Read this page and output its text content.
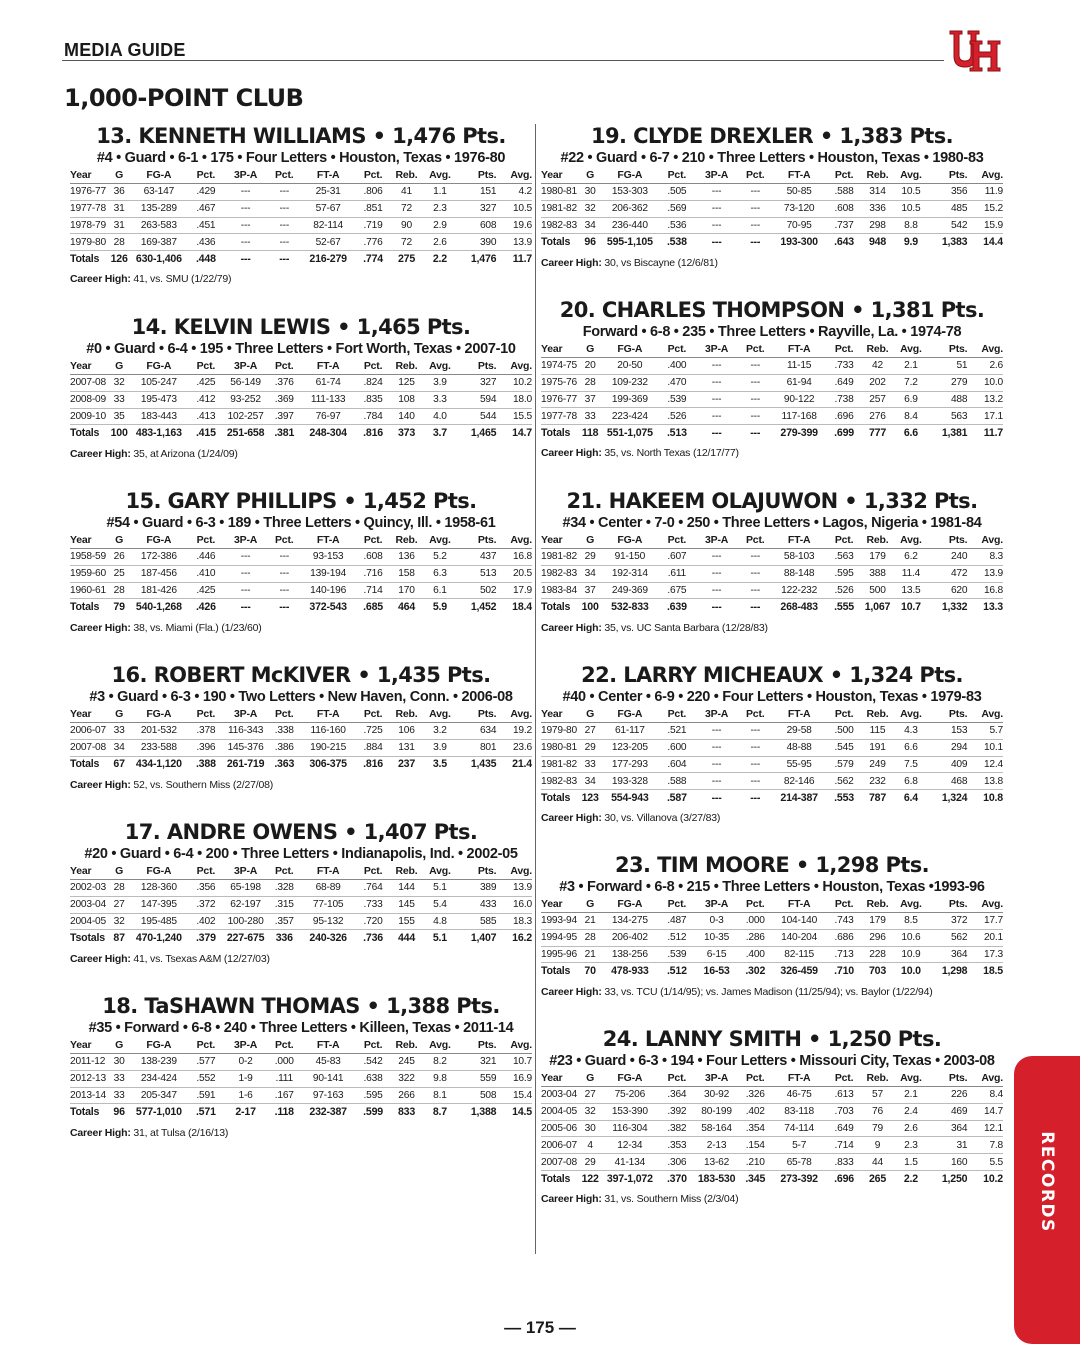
MEDIA GUIDE
1,000-POINT CLUB
13. KENNETH WILLIAMS • 1,476 Pts.
#4 • Guard • 6-1 • 175 • Four Letters • Houston, Texas • 1976-80
Year	G	FG-A	Pct.	3P-A	Pct.	FT-A	Pct.	Reb.	Avg.	Pts.	Avg.
1976-77	36	63-147	.429	---	---	25-31	.806	41	1.1	151	4.2
1977-78	31	135-289	.467	---	---	57-67	.851	72	2.3	327	10.5
1978-79	31	263-583	.451	---	---	82-114	.719	90	2.9	608	19.6
1979-80	28	169-387	.436	---	---	52-67	.776	72	2.6	390	13.9
Totals	126	630-1,406	.448	---	---	216-279	.774	275	2.2	1,476	11.7
Career High: 41, vs. SMU (1/22/79)
14. KELVIN LEWIS • 1,465 Pts.
#0 • Guard • 6-4 • 195 • Three Letters • Fort Worth, Texas • 2007-10
Year	G	FG-A	Pct.	3P-A	Pct.	FT-A	Pct.	Reb.	Avg.	Pts.	Avg.
2007-08	32	105-247	.425	56-149	.376	61-74	.824	125	3.9	327	10.2
2008-09	33	195-473	.412	93-252	.369	111-133	.835	108	3.3	594	18.0
2009-10	35	183-443	.413	102-257	.397	76-97	.784	140	4.0	544	15.5
Totals	100	483-1,163	.415	251-658	.381	248-304	.816	373	3.7	1,465	14.7
Career High: 35, at Arizona (1/24/09)
15. GARY PHILLIPS • 1,452 Pts.
#54 • Guard • 6-3 • 189 • Three Letters • Quincy, Ill. • 1958-61
Year	G	FG-A	Pct.	3P-A	Pct.	FT-A	Pct.	Reb.	Avg.	Pts.	Avg.
1958-59	26	172-386	.446	---	---	93-153	.608	136	5.2	437	16.8
1959-60	25	187-456	.410	---	---	139-194	.716	158	6.3	513	20.5
1960-61	28	181-426	.425	---	---	140-196	.714	170	6.1	502	17.9
Totals	79	540-1,268	.426	---	---	372-543	.685	464	5.9	1,452	18.4
Career High: 38, vs. Miami (Fla.) (1/23/60)
16. ROBERT McKIVER • 1,435 Pts.
#3 • Guard • 6-3 • 190 • Two Letters • New Haven, Conn. • 2006-08
Year	G	FG-A	Pct.	3P-A	Pct.	FT-A	Pct.	Reb.	Avg.	Pts.	Avg.
2006-07	33	201-532	.378	116-343	.338	116-160	.725	106	3.2	634	19.2
2007-08	34	233-588	.396	145-376	.386	190-215	.884	131	3.9	801	23.6
Totals	67	434-1,120	.388	261-719	.363	306-375	.816	237	3.5	1,435	21.4
Career High: 52, vs. Southern Miss (2/27/08)
17. ANDRE OWENS • 1,407 Pts.
#20 • Guard • 6-4 • 200 • Three Letters • Indianapolis, Ind. • 2002-05
Year	G	FG-A	Pct.	3P-A	Pct.	FT-A	Pct.	Reb.	Avg.	Pts.	Avg.
2002-03	28	128-360	.356	65-198	.328	68-89	.764	144	5.1	389	13.9
2003-04	27	147-395	.372	62-197	.315	77-105	.733	145	5.4	433	16.0
2004-05	32	195-485	.402	100-280	.357	95-132	.720	155	4.8	585	18.3
Tsotals	87	470-1,240	.379	227-675	336	240-326	.736	444	5.1	1,407	16.2
Career High: 41, vs. Tsexas A&M (12/27/03)
18. TaSHAWN THOMAS • 1,388 Pts.
#35 • Forward • 6-8 • 240 • Three Letters • Killeen, Texas • 2011-14
Year	G	FG-A	Pct.	3P-A	Pct.	FT-A	Pct.	Reb.	Avg.	Pts.	Avg.
2011-12	30	138-239	.577	0-2	.000	45-83	.542	245	8.2	321	10.7
2012-13	33	234-424	.552	1-9	.111	90-141	.638	322	9.8	559	16.9
2013-14	33	205-347	.591	1-6	.167	97-163	.595	266	8.1	508	15.4
Totals	96	577-1,010	.571	2-17	.118	232-387	.599	833	8.7	1,388	14.5
Career High: 31, at Tulsa (2/16/13)
19. CLYDE DREXLER • 1,383 Pts.
#22 • Guard • 6-7 • 210 • Three Letters • Houston, Texas • 1980-83
Year	G	FG-A	Pct.	3P-A	Pct.	FT-A	Pct.	Reb.	Avg.	Pts.	Avg.
1980-81	30	153-303	.505	---	---	50-85	.588	314	10.5	356	11.9
1981-82	32	206-362	.569	---	---	73-120	.608	336	10.5	485	15.2
1982-83	34	236-440	.536	---	---	70-95	.737	298	8.8	542	15.9
Totals	96	595-1,105	.538	---	---	193-300	.643	948	9.9	1,383	14.4
Career High: 30, vs Biscayne (12/6/81)
20. CHARLES THOMPSON • 1,381 Pts.
Forward • 6-8 • 235 • Three Letters • Rayville, La. • 1974-78
Year	G	FG-A	Pct.	3P-A	Pct.	FT-A	Pct.	Reb.	Avg.	Pts.	Avg.
1974-75	20	20-50	.400	---	---	11-15	.733	42	2.1	51	2.6
1975-76	28	109-232	.470	---	---	61-94	.649	202	7.2	279	10.0
1976-77	37	199-369	.539	---	---	90-122	.738	257	6.9	488	13.2
1977-78	33	223-424	.526	---	---	117-168	.696	276	8.4	563	17.1
Totals	118	551-1,075	.513	---	---	279-399	.699	777	6.6	1,381	11.7
Career High: 35, vs. North Texas (12/17/77)
21. HAKEEM OLAJUWON • 1,332 Pts.
#34 • Center • 7-0 • 250 • Three Letters • Lagos, Nigeria • 1981-84
Year	G	FG-A	Pct.	3P-A	Pct.	FT-A	Pct.	Reb.	Avg.	Pts.	Avg.
1981-82	29	91-150	.607	---	---	58-103	.563	179	6.2	240	8.3
1982-83	34	192-314	.611	---	---	88-148	.595	388	11.4	472	13.9
1983-84	37	249-369	.675	---	---	122-232	.526	500	13.5	620	16.8
Totals	100	532-833	.639	---	---	268-483	.555	1,067	10.7	1,332	13.3
Career High: 35, vs. UC Santa Barbara (12/28/83)
22. LARRY MICHEAUX • 1,324 Pts.
#40 • Center • 6-9 • 220 • Four Letters • Houston, Texas • 1979-83
Year	G	FG-A	Pct.	3P-A	Pct.	FT-A	Pct.	Reb.	Avg.	Pts.	Avg.
1979-80	27	61-117	.521	---	---	29-58	.500	115	4.3	153	5.7
1980-81	29	123-205	.600	---	---	48-88	.545	191	6.6	294	10.1
1981-82	33	177-293	.604	---	---	55-95	.579	249	7.5	409	12.4
1982-83	34	193-328	.588	---	---	82-146	.562	232	6.8	468	13.8
Totals	123	554-943	.587	---	---	214-387	.553	787	6.4	1,324	10.8
Career High: 30, vs. Villanova (3/27/83)
23. TIM MOORE • 1,298 Pts.
#3 • Forward • 6-8 • 215 • Three Letters • Houston, Texas •1993-96
Year	G	FG-A	Pct.	3P-A	Pct.	FT-A	Pct.	Reb.	Avg.	Pts.	Avg.
1993-94	21	134-275	.487	0-3	.000	104-140	.743	179	8.5	372	17.7
1994-95	28	206-402	.512	10-35	.286	140-204	.686	296	10.6	562	20.1
1995-96	21	138-256	.539	6-15	.400	82-115	.713	228	10.9	364	17.3
Totals	70	478-933	.512	16-53	.302	326-459	.710	703	10.0	1,298	18.5
Career High: 33, vs. TCU (1/14/95); vs. James Madison (11/25/94); vs. Baylor (1/22/94)
24. LANNY SMITH • 1,250 Pts.
#23 • Guard • 6-3 • 194 • Four Letters • Missouri City, Texas • 2003-08
Year	G	FG-A	Pct.	3P-A	Pct.	FT-A	Pct.	Reb.	Avg.	Pts.	Avg.
2003-04	27	75-206	.364	30-92	.326	46-75	.613	57	2.1	226	8.4
2004-05	32	153-390	.392	80-199	.402	83-118	.703	76	2.4	469	14.7
2005-06	30	116-304	.382	58-164	.354	74-114	.649	79	2.6	364	12.1
2006-07	4	12-34	.353	2-13	.154	5-7	.714	9	2.3	31	7.8
2007-08	29	41-134	.306	13-62	.210	65-78	.833	44	1.5	160	5.5
Totals	122	397-1,072	.370	183-530	.345	273-392	.696	265	2.2	1,250	10.2
Career High: 31, vs. Southern Miss (2/3/04)	RECORDS
— 175 —
